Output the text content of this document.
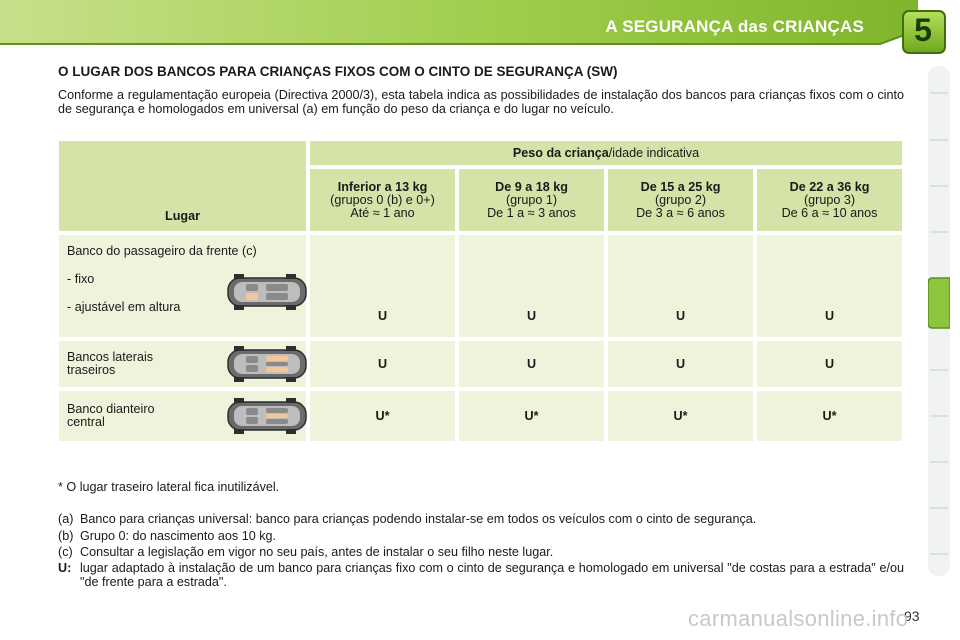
A SEGURANÇA das CRIANÇAS	5
O LUGAR DOS BANCOS PARA CRIANÇAS FIXOS COM O CINTO DE SEGURANÇA (SW)

Conforme a regulamentação europeia (Directiva 2000/3), esta tabela indica as possibilidades de instalação dos bancos para crianças fixos com o cinto de segurança e homologados em universal (a) em função do peso da criança e do lugar no veículo.

Lugar	Peso da criança/idade indicativa			

	Inferior a 13 kg
(grupos 0 (b) e 0+)
Até ≈ 1 ano	De 9 a 18 kg
(grupo 1)
De 1 a ≈ 3 anos	De 15 a 25 kg
(grupo 2)
De 3 a ≈ 6 anos	De 22 a 36 kg
(grupo 3)
De 6 a ≈ 10 anos

Banco do passageiro da frente (c)
- fixo
- ajustável em altura	U	U	U	U

Bancos laterais
traseiros	U	U	U	U

Banco dianteiro
central	U*	U*	U*	U*
* O lugar traseiro lateral fica inutilizável.
(a) Banco para crianças universal: banco para crianças podendo instalar-se em todos os veículos com o cinto de segurança.
(b) Grupo 0: do nascimento aos 10 kg.
(c) Consultar a legislação em vigor no seu país, antes de instalar o seu filho neste lugar.
U: lugar adaptado à instalação de um banco para crianças fixo com o cinto de segurança e homologado em universal "de costas para a estrada" e/ou "de frente para a estrada".
93
carmanualsonline.info
